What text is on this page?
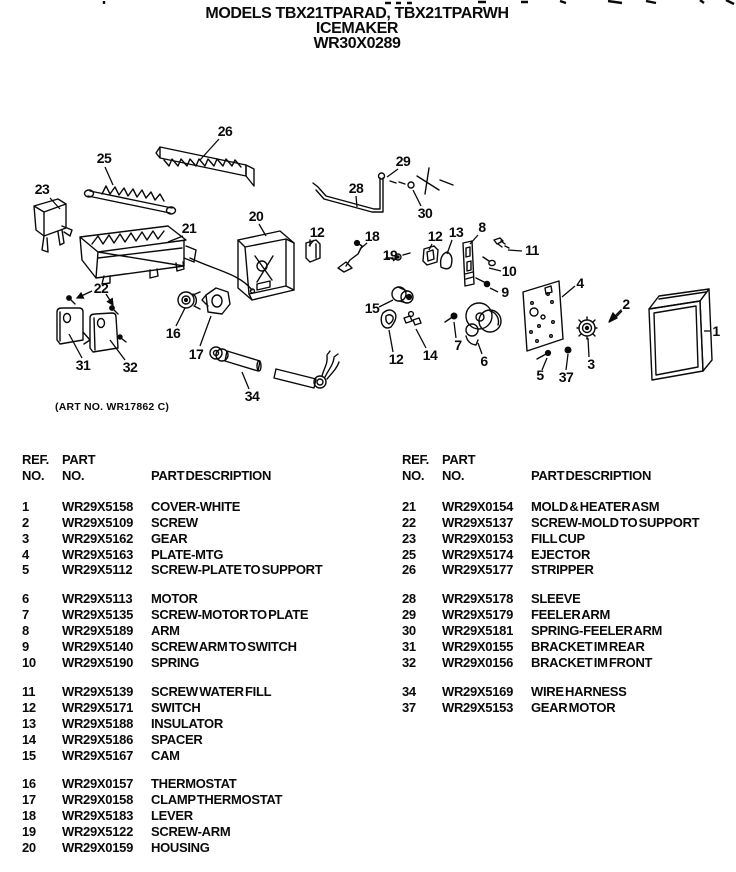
23
25
26
21
20
22
31 32
16
17
34
12
28
29
30
18
19
12 13 8
11
10
9
15
12 14
7
6
4
5 37
3
2
1
MODELS TBX21TPARAD, TBX21TPARWH
ICEMAKER
WR30X0289
(ART NO. WR17862 C)
REF.	PART
NO.	NO.	PART DESCRIPTION
1	WR29X5158	COVER-WHITE
2	WR29X5109	SCREW
3	WR29X5162	GEAR
4	WR29X5163	PLATE-MTG
5	WR29X5112	SCREW-PLATE TO SUPPORT
6	WR29X5113	MOTOR
7	WR29X5135	SCREW-MOTOR TO PLATE
8	WR29X5189	ARM
9	WR29X5140	SCREW ARM TO SWITCH
10	WR29X5190	SPRING
11	WR29X5139	SCREW WATER FILL
12	WR29X5171	SWITCH
13	WR29X5188	INSULATOR
14	WR29X5186	SPACER
15	WR29X5167	CAM
16	WR29X0157	THERMOSTAT
17	WR29X0158	CLAMP THERMOSTAT
18	WR29X5183	LEVER
19	WR29X5122	SCREW-ARM
20	WR29X0159	HOUSING
REF.	PART
NO.	NO.	PART DESCRIPTION
21	WR29X0154	MOLD & HEATER ASM
22	WR29X5137	SCREW-MOLD TO SUPPORT
23	WR29X0153	FILL CUP
25	WR29X5174	EJECTOR
26	WR29X5177	STRIPPER
28	WR29X5178	SLEEVE
29	WR29X5179	FEELER ARM
30	WR29X5181	SPRING-FEELER ARM
31	WR29X0155	BRACKET IM REAR
32	WR29X0156	BRACKET IM FRONT
34	WR29X5169	WIRE HARNESS
37	WR29X5153	GEAR MOTOR
